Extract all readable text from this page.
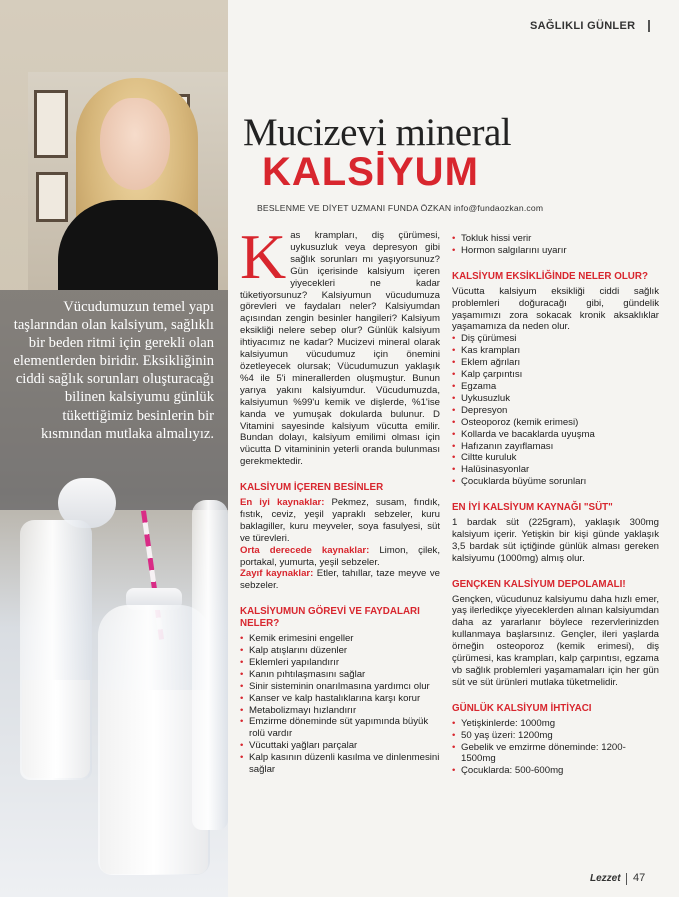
Vücudumuzun temel yapı taşlarından olan kalsiyum, sağlıklı bir beden ritmi için gerekli olan elementlerden biridir. Eksikliğinin ciddi sağlık sorunları oluşturacağı bilinen kalsiyumu günlük tükettiğimiz besinlerin bir kısmından mutlaka almalıyız.
SAĞLIKLI GÜNLER
Mucizevi mineral
KALSİYUM
BESLENME VE DİYET UZMANI FUNDA ÖZKAN info@fundaozkan.com

Kas krampları, diş çürümesi, uykusuzluk veya depresyon gibi sağlık sorunları mı yaşıyorsunuz? Gün içerisinde kalsiyum içeren yiyecekleri ne kadar tüketiyorsunuz? Kalsiyumun vücudumuza görevleri ve faydaları neler? Kalsiyumdan açısından zengin besinler hangileri? Kalsiyum eksikliği nelere sebep olur? Günlük kalsiyum ihtiyacımız ne kadar? Mucizevi mineral olarak kalsiyumun vücudumuz için önemini özetleyecek olursak; Vücudumuzun yaklaşık %4 ile 5'i minerallerden oluşmuştur. Bunun yarıya yakını kalsiyumdur. Vücudumuzda, kalsiyumun %99'u kemik ve dişlerde, %1'ise kanda ve yumuşak dokularda bulunur. D Vitamini sayesinde kalsiyum vücutta emilir. Bundan dolayı, kalsiyum emilimi olması için vücutta D vitamininin yeterli oranda bulunması gerekmektedir.

KALSİYUM İÇEREN BESİNLER

En iyi kaynaklar: Pekmez, susam, fındık, fıstık, ceviz, yeşil yapraklı sebzeler, kuru baklagiller, kuru meyveler, soya fasulyesi, süt ve türevleri.

Orta derecede kaynaklar: Limon, çilek, portakal, yumurta, yeşil sebzeler.

Zayıf kaynaklar: Etler, tahıllar, taze meyve ve sebzeler.

KALSİYUMUN GÖREVİ VE FAYDALARI NELER?
• Kemik erimesini engeller
• Kalp atışlarını düzenler
• Eklemleri yapılandırır
• Kanın pıhtılaşmasını sağlar
• Sinir sisteminin onarılmasına yardımcı olur
• Kanser ve kalp hastalıklarına karşı korur
• Metabolizmayı hızlandırır
• Emzirme döneminde süt yapımında büyük rolü vardır
• Vücuttaki yağları parçalar
• Kalp kasının düzenli kasılma ve dinlenmesini sağlar
• Tokluk hissi verir
• Hormon salgılarını uyarır
KALSİYUM EKSİKLİĞİNDE NELER OLUR?

Vücutta kalsiyum eksikliği ciddi sağlık problemleri doğuracağı gibi, gündelik yaşamımızı zora sokacak kronik aksaklıklar yaşamamıza da neden olur.

• Diş çürümesi
• Kas krampları
• Eklem ağrıları
• Kalp çarpıntısı
• Egzama
• Uykusuzluk
• Depresyon
• Osteoporoz (kemik erimesi)
• Kollarda ve bacaklarda uyuşma
• Hafızanın zayıflaması
• Ciltte kuruluk
• Halüsinasyonlar
• Çocuklarda büyüme sorunları
EN İYİ KALSİYUM KAYNAĞI "SÜT"

1 bardak süt (225gram), yaklaşık 300mg kalsiyum içerir. Yetişkin bir kişi günde yaklaşık 3,5 bardak süt içtiğinde günlük alması gereken kalsiyumu (1000mg) almış olur.

GENÇKEN KALSİYUM DEPOLAMALI!

Gençken, vücudunuz kalsiyumu daha hızlı emer, yaş ilerledikçe yiyeceklerden alınan kalsiyumdan daha az yararlanır böylece rezervlerinizden kullanmaya başlarsınız. Gençler, ileri yaşlarda örneğin osteoporoz (kemik erimesi), diş çürümesi, kas krampları, kalp çarpıntısı, egzama vb sağlık problemleri yaşamamaları için her gün süt ve süt ürünleri mutlaka tüketmelidir.

GÜNLÜK KALSİYUM İHTİYACI
• Yetişkinlerde: 1000mg
• 50 yaş üzeri: 1200mg
• Gebelik ve emzirme döneminde: 1200-1500mg
• Çocuklarda: 500-600mg
Lezzet 47
